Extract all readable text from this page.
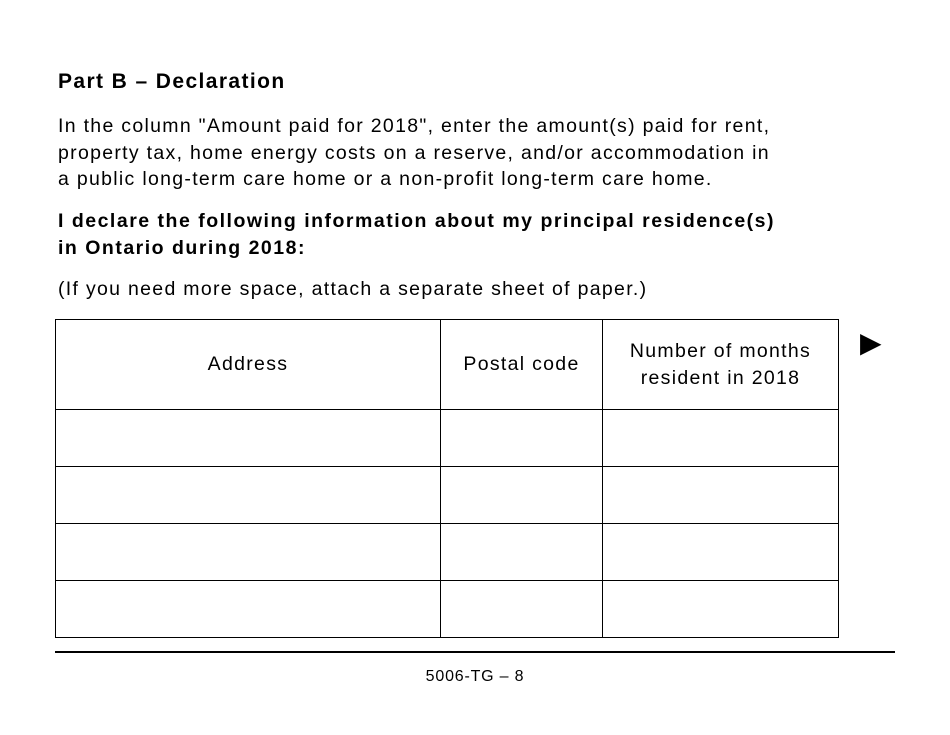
Part B – Declaration

In the column "Amount paid for 2018", enter the amount(s) paid for rent,
property tax, home energy costs on a reserve, and/or accommodation in
a public long-term care home or a non-profit long-term care home.

I declare the following information about my principal residence(s)
in Ontario during 2018:

(If you need more space, attach a separate sheet of paper.)

Address	Postal code	Number of months
resident in 2018

▶
5006-TG – 8
